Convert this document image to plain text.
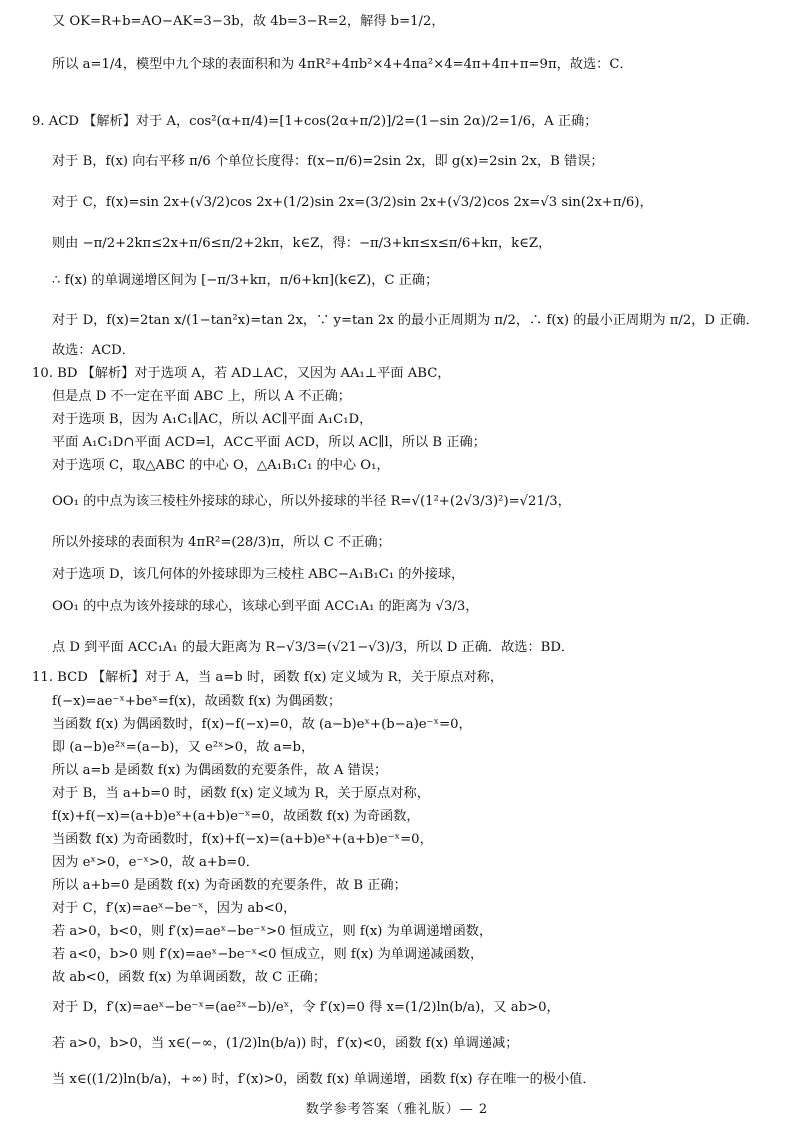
又 OK=R+b=AO−AK=3−3b，故 4b=3−R=2，解得 b=1/2，
所以 a=1/4，模型中九个球的表面积和为 4πR²+4πb²×4+4πa²×4=4π+4π+π=9π，故选：C．
9. ACD 【解析】对于 A，cos²(α+π/4)=[1+cos(2α+π/2)]/2=(1−sin 2α)/2=1/6，A 正确；
对于 B，f(x) 向右平移 π/6 个单位长度得：f(x−π/6)=2sin 2x，即 g(x)=2sin 2x，B 错误；
对于 C，f(x)=sin 2x+(√3/2)cos 2x+(1/2)sin 2x=(3/2)sin 2x+(√3/2)cos 2x=√3 sin(2x+π/6)，
则由 −π/2+2kπ≤2x+π/6≤π/2+2kπ，k∈Z，得：−π/3+kπ≤x≤π/6+kπ，k∈Z，
∴ f(x) 的单调递增区间为 [−π/3+kπ，π/6+kπ](k∈Z)，C 正确；
对于 D，f(x)=2tan x/(1−tan²x)=tan 2x，∵ y=tan 2x 的最小正周期为 π/2，∴ f(x) 的最小正周期为 π/2，D 正确．
故选：ACD．
10. BD 【解析】对于选项 A，若 AD⊥AC，又因为 AA₁⊥平面 ABC，
但是点 D 不一定在平面 ABC 上，所以 A 不正确；
对于选项 B，因为 A₁C₁∥AC，所以 AC∥平面 A₁C₁D，
平面 A₁C₁D∩平面 ACD=l，AC⊂平面 ACD，所以 AC∥l，所以 B 正确；
对于选项 C，取△ABC 的中心 O，△A₁B₁C₁ 的中心 O₁，
OO₁ 的中点为该三棱柱外接球的球心，所以外接球的半径 R=√(1²+(2√3/3)²)=√21/3，
所以外接球的表面积为 4πR²=(28/3)π，所以 C 不正确；
对于选项 D，该几何体的外接球即为三棱柱 ABC−A₁B₁C₁ 的外接球，
OO₁ 的中点为该外接球的球心，该球心到平面 ACC₁A₁ 的距离为 √3/3，
点 D 到平面 ACC₁A₁ 的最大距离为 R−√3/3=(√21−√3)/3，所以 D 正确．故选：BD．
11. BCD 【解析】对于 A，当 a=b 时，函数 f(x) 定义域为 R，关于原点对称，
f(−x)=ae⁻ˣ+beˣ=f(x)，故函数 f(x) 为偶函数；
当函数 f(x) 为偶函数时，f(x)−f(−x)=0，故 (a−b)eˣ+(b−a)e⁻ˣ=0，
即 (a−b)e²ˣ=(a−b)，又 e²ˣ>0，故 a=b，
所以 a=b 是函数 f(x) 为偶函数的充要条件，故 A 错误；
对于 B，当 a+b=0 时，函数 f(x) 定义域为 R，关于原点对称，
f(x)+f(−x)=(a+b)eˣ+(a+b)e⁻ˣ=0，故函数 f(x) 为奇函数，
当函数 f(x) 为奇函数时，f(x)+f(−x)=(a+b)eˣ+(a+b)e⁻ˣ=0，
因为 eˣ>0，e⁻ˣ>0，故 a+b=0．
所以 a+b=0 是函数 f(x) 为奇函数的充要条件，故 B 正确；
对于 C，f′(x)=aeˣ−be⁻ˣ，因为 ab<0，
若 a>0，b<0，则 f′(x)=aeˣ−be⁻ˣ>0 恒成立，则 f(x) 为单调递增函数，
若 a<0，b>0 则 f′(x)=aeˣ−be⁻ˣ<0 恒成立，则 f(x) 为单调递减函数，
故 ab<0，函数 f(x) 为单调函数，故 C 正确；
对于 D，f′(x)=aeˣ−be⁻ˣ=(ae²ˣ−b)/eˣ，令 f′(x)=0 得 x=(1/2)ln(b/a)，又 ab>0，
若 a>0，b>0，当 x∈(−∞，(1/2)ln(b/a)) 时，f′(x)<0，函数 f(x) 单调递减；
当 x∈((1/2)ln(b/a)，+∞) 时，f′(x)>0，函数 f(x) 单调递增，函数 f(x) 存在唯一的极小值．
数学参考答案（雅礼版）— 2
